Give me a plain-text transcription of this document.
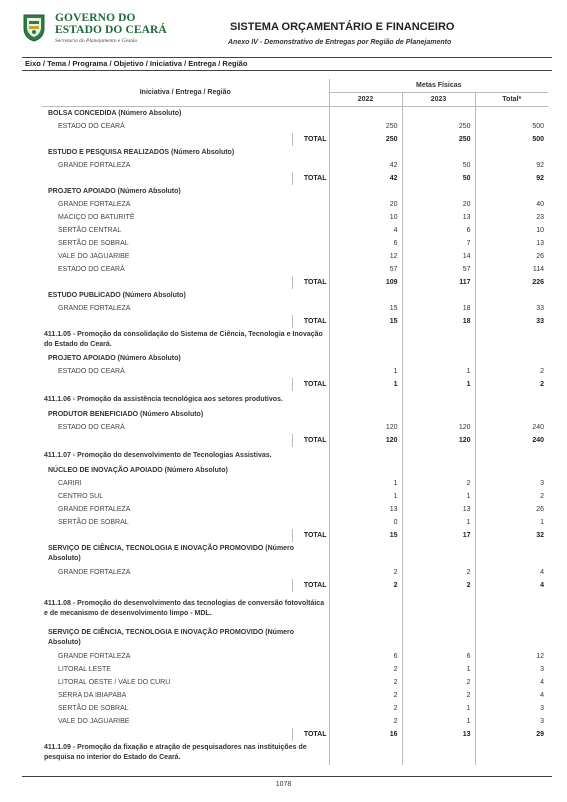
GOVERNO DO
ESTADO DO CEARÁ
Secretaria do Planejamento e Gestão
SISTEMA ORÇAMENTÁRIO E FINANCEIRO
Anexo IV - Demonstrativo de Entregas por Região de Planejamento
Eixo / Tema / Programa / Objetivo / Iniciativa / Entrega / Região
Iniciativa / Entrega / Região		Metas Físicas		
		2022	2023	Total*
BOLSA CONCEDIDA (Número Absoluto)				
ESTADO DO CEARÁ		250	250	500
	TOTAL	250	250	500
ESTUDO E PESQUISA REALIZADOS (Número Absoluto)				
GRANDE FORTALEZA		42	50	92
	TOTAL	42	50	92
PROJETO APOIADO (Número Absoluto)				
GRANDE FORTALEZA		20	20	40
MACIÇO DO BATURITÉ		10	13	23
SERTÃO CENTRAL		4	6	10
SERTÃO DE SOBRAL		6	7	13
VALE DO JAGUARIBE		12	14	26
ESTADO DO CEARÁ		57	57	114
	TOTAL	109	117	226
ESTUDO PUBLICADO (Número Absoluto)				
GRANDE FORTALEZA		15	18	33
	TOTAL	15	18	33
411.1.05 - Promoção da consolidação do Sistema de Ciência, Tecnologia e Inovação do Estado do Ceará.				
PROJETO APOIADO (Número Absoluto)				
ESTADO DO CEARÁ		1	1	2
	TOTAL	1	1	2
411.1.06 - Promoção da assistência tecnológica aos setores produtivos.				
PRODUTOR BENEFICIADO (Número Absoluto)				
ESTADO DO CEARÁ		120	120	240
	TOTAL	120	120	240
411.1.07 - Promoção do desenvolvimento de Tecnologias Assistivas.				
NÚCLEO DE INOVAÇÃO APOIADO (Número Absoluto)				
CARIRI		1	2	3
CENTRO SUL		1	1	2
GRANDE FORTALEZA		13	13	26
SERTÃO DE SOBRAL		0	1	1
	TOTAL	15	17	32
SERVIÇO DE CIÊNCIA, TECNOLOGIA E INOVAÇÃO PROMOVIDO (Número Absoluto)				
GRANDE FORTALEZA		2	2	4
	TOTAL	2	2	4
411.1.08 - Promoção do desenvolvimento das tecnologias de conversão fotovoltáica e de mecanismo de desenvolvimento limpo - MDL.				
SERVIÇO DE CIÊNCIA, TECNOLOGIA E INOVAÇÃO PROMOVIDO (Número Absoluto)				
GRANDE FORTALEZA		6	6	12
LITORAL LESTE		2	1	3
LITORAL OESTE / VALE DO CURU		2	2	4
SERRA DA IBIAPABA		2	2	4
SERTÃO DE SOBRAL		2	1	3
VALE DO JAGUARIBE		2	1	3
	TOTAL	16	13	29
411.1.09 - Promoção da fixação e atração de pesquisadores nas instituições de pesquisa no interior do Estado do Ceará.				
1078
